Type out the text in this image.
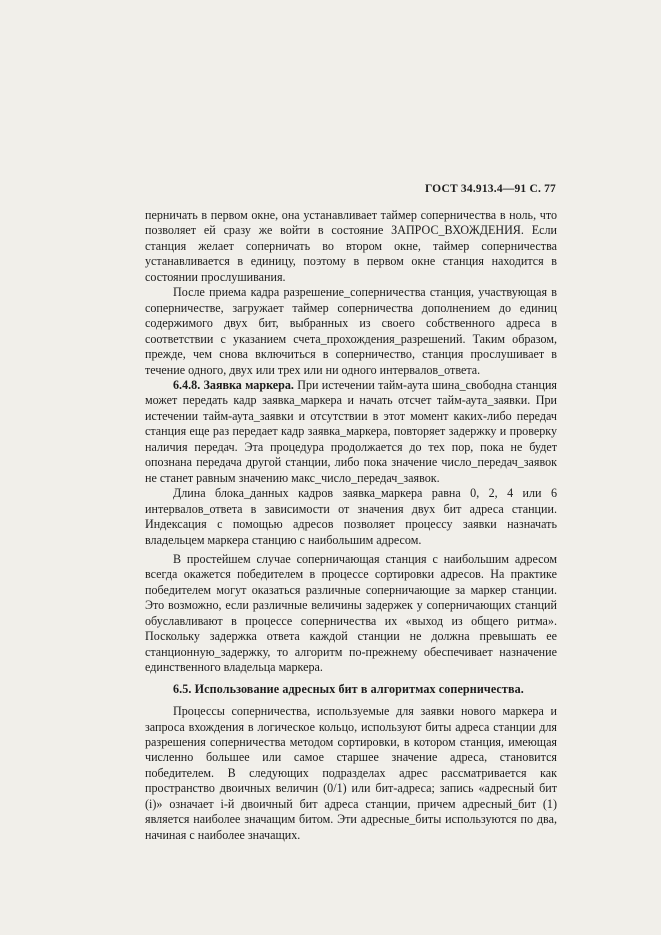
ГОСТ 34.913.4—91 С. 77

перничать в первом окне, она устанавливает таймер соперничества в ноль, что позволяет ей сразу же войти в состояние ЗАПРОС_ВХОЖДЕНИЯ. Если станция желает соперничать во втором окне, таймер соперничества устанавливается в единицу, поэтому в первом окне станция находится в состоянии прослушивания.

После приема кадра разрешение_соперничества станция, участвующая в соперничестве, загружает таймер соперничества дополнением до единиц содержимого двух бит, выбранных из своего собственного адреса в соответствии с указанием счета_прохождения_разрешений. Таким образом, прежде, чем снова включиться в соперничество, станция прослушивает в течение одного, двух или трех или ни одного интервалов_ответа.

6.4.8. Заявка маркера. При истечении тайм-аута шина_свободна станция может передать кадр заявка_маркера и начать отсчет тайм-аута_заявки. При истечении тайм-аута_заявки и отсутствии в этот момент каких-либо передач станция еще раз передает кадр заявка_маркера, повторяет задержку и проверку наличия передач. Эта процедура продолжается до тех пор, пока не будет опознана передача другой станции, либо пока значение число_передач_заявок не станет равным значению макс_число_передач_заявок.

Длина блока_данных кадров заявка_маркера равна 0, 2, 4 или 6 интервалов_ответа в зависимости от значения двух бит адреса станции. Индексация с помощью адресов позволяет процессу заявки назначать владельцем маркера станцию с наибольшим адресом.

В простейшем случае соперничающая станция с наибольшим адресом всегда окажется победителем в процессе сортировки адресов. На практике победителем могут оказаться различные соперничающие за маркер станции. Это возможно, если различные величины задержек у соперничающих станций обуславливают в процессе соперничества их «выход из общего ритма». Поскольку задержка ответа каждой станции не должна превышать ее станционную_задержку, то алгоритм по-прежнему обеспечивает назначение единственного владельца маркера.

6.5. Использование адресных бит в алгоритмах соперничества.

Процессы соперничества, используемые для заявки нового маркера и запроса вхождения в логическое кольцо, используют биты адреса станции для разрешения соперничества методом сортировки, в котором станция, имеющая численно большее или самое старшее значение адреса, становится победителем. В следующих подразделах адрес рассматривается как пространство двоичных величин (0/1) или бит-адреса; запись «адресный бит (i)» означает i-й двоичный бит адреса станции, причем адресный_бит (1) является наиболее значащим битом. Эти адресные_биты используются по два, начиная с наиболее значащих.
